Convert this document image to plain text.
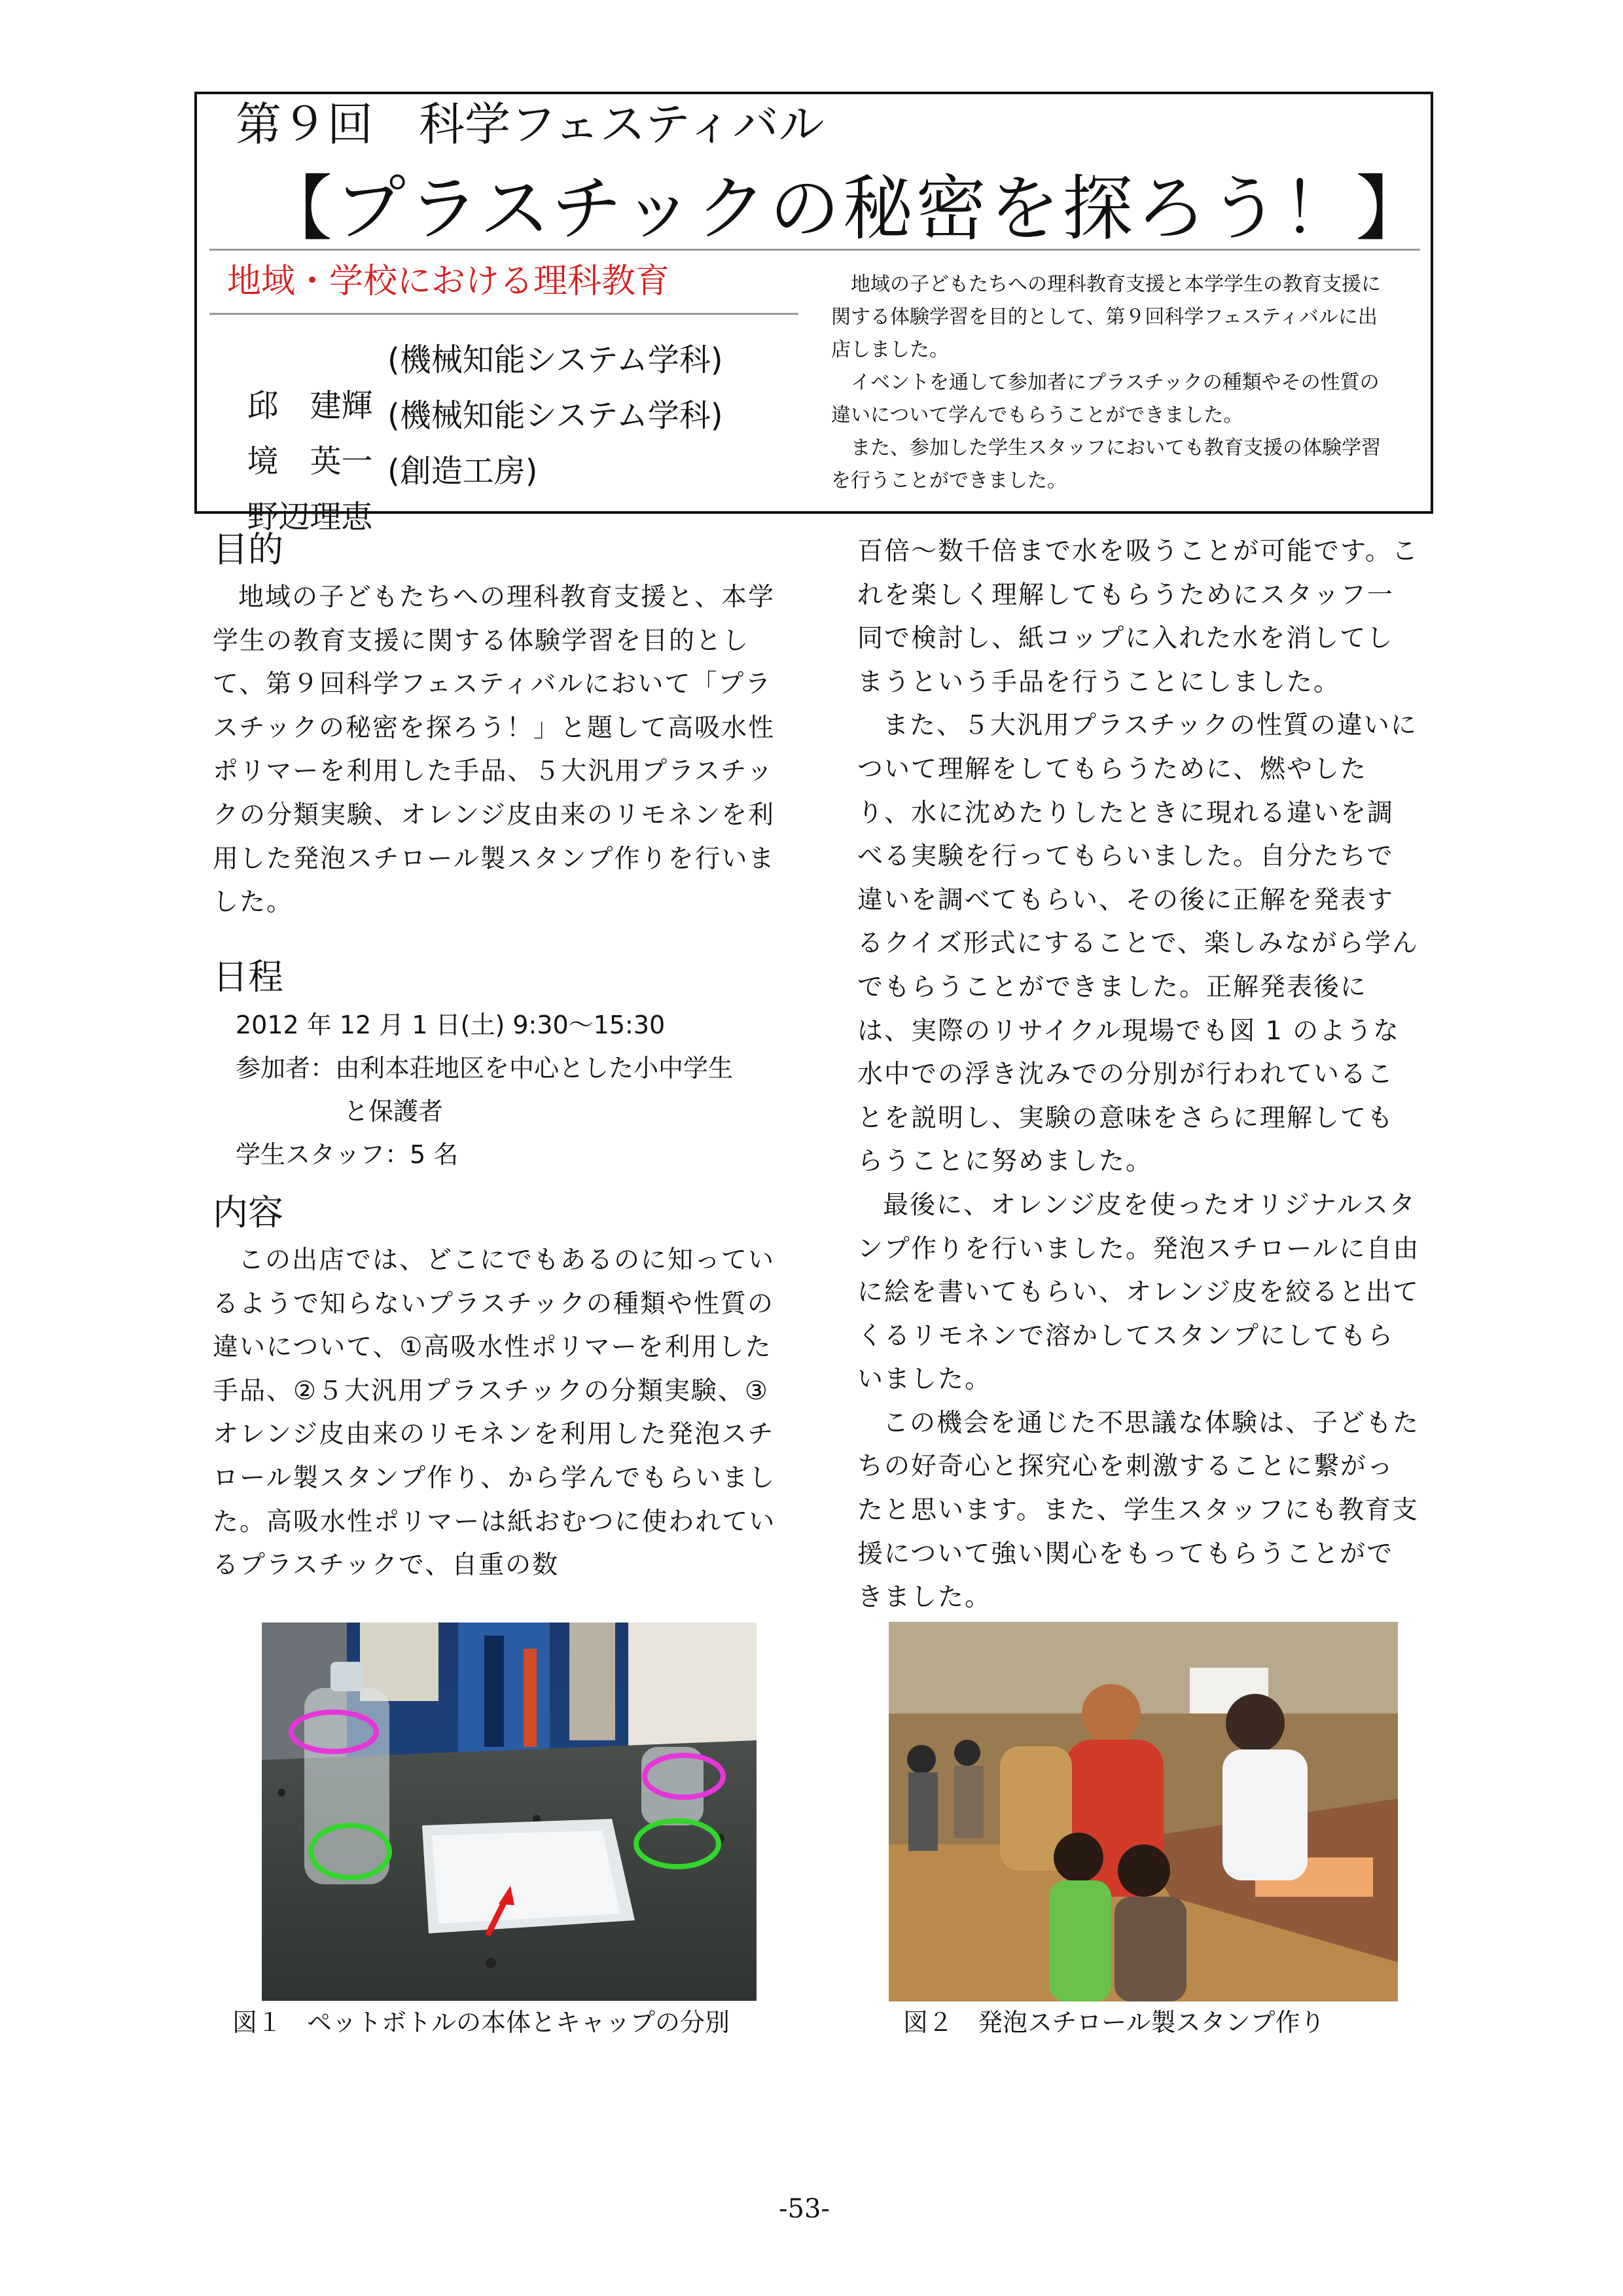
第９回　科学フェスティバル
【プラスチックの秘密を探ろう！】
地域・学校における理科教育

邱　建輝

(機械知能システム学科)

境　英一

(機械知能システム学科)

野辺理恵

(創造工房)

地域の子どもたちへの理科教育支援と本学学生の教育支援に関する体験学習を目的として、第９回科学フェスティバルに出店しました。

イベントを通して参加者にプラスチックの種類やその性質の違いについて学んでもらうことができました。

また、参加した学生スタッフにおいても教育支援の体験学習を行うことができました。

目的

地域の子どもたちへの理科教育支援と、本学学生の教育支援に関する体験学習を目的として、第９回科学フェスティバルにおいて「プラスチックの秘密を探ろう！」と題して高吸水性ポリマーを利用した手品、５大汎用プラスチックの分類実験、オレンジ皮由来のリモネンを利用した発泡スチロール製スタンプ作りを行いました。

日程
2012 年 12 月 1 日(土) 9:30～15:30
参加者：由利本荘地区を中心とした小中学生
と保護者
学生スタッフ：5 名
内容

この出店では、どこにでもあるのに知っているようで知らないプラスチックの種類や性質の違いについて、①高吸水性ポリマーを利用した手品、②５大汎用プラスチックの分類実験、③オレンジ皮由来のリモネンを利用した発泡スチロール製スタンプ作り、から学んでもらいました。高吸水性ポリマーは紙おむつに使われているプラスチックで、自重の数

百倍～数千倍まで水を吸うことが可能です。これを楽しく理解してもらうためにスタッフ一同で検討し、紙コップに入れた水を消してしまうという手品を行うことにしました。

また、５大汎用プラスチックの性質の違いについて理解をしてもらうために、燃やしたり、水に沈めたりしたときに現れる違いを調べる実験を行ってもらいました。自分たちで違いを調べてもらい、その後に正解を発表するクイズ形式にすることで、楽しみながら学んでもらうことができました。正解発表後には、実際のリサイクル現場でも図 1 のような水中での浮き沈みでの分別が行われていることを説明し、実験の意味をさらに理解してもらうことに努めました。

最後に、オレンジ皮を使ったオリジナルスタンプ作りを行いました。発泡スチロールに自由に絵を書いてもらい、オレンジ皮を絞ると出てくるリモネンで溶かしてスタンプにしてもらいました。

この機会を通じた不思議な体験は、子どもたちの好奇心と探究心を刺激することに繋がったと思います。また、学生スタッフにも教育支援について強い関心をもってもらうことができました。

図１　ペットボトルの本体とキャップの分別	図２　発泡スチロール製スタンプ作り
-53-
